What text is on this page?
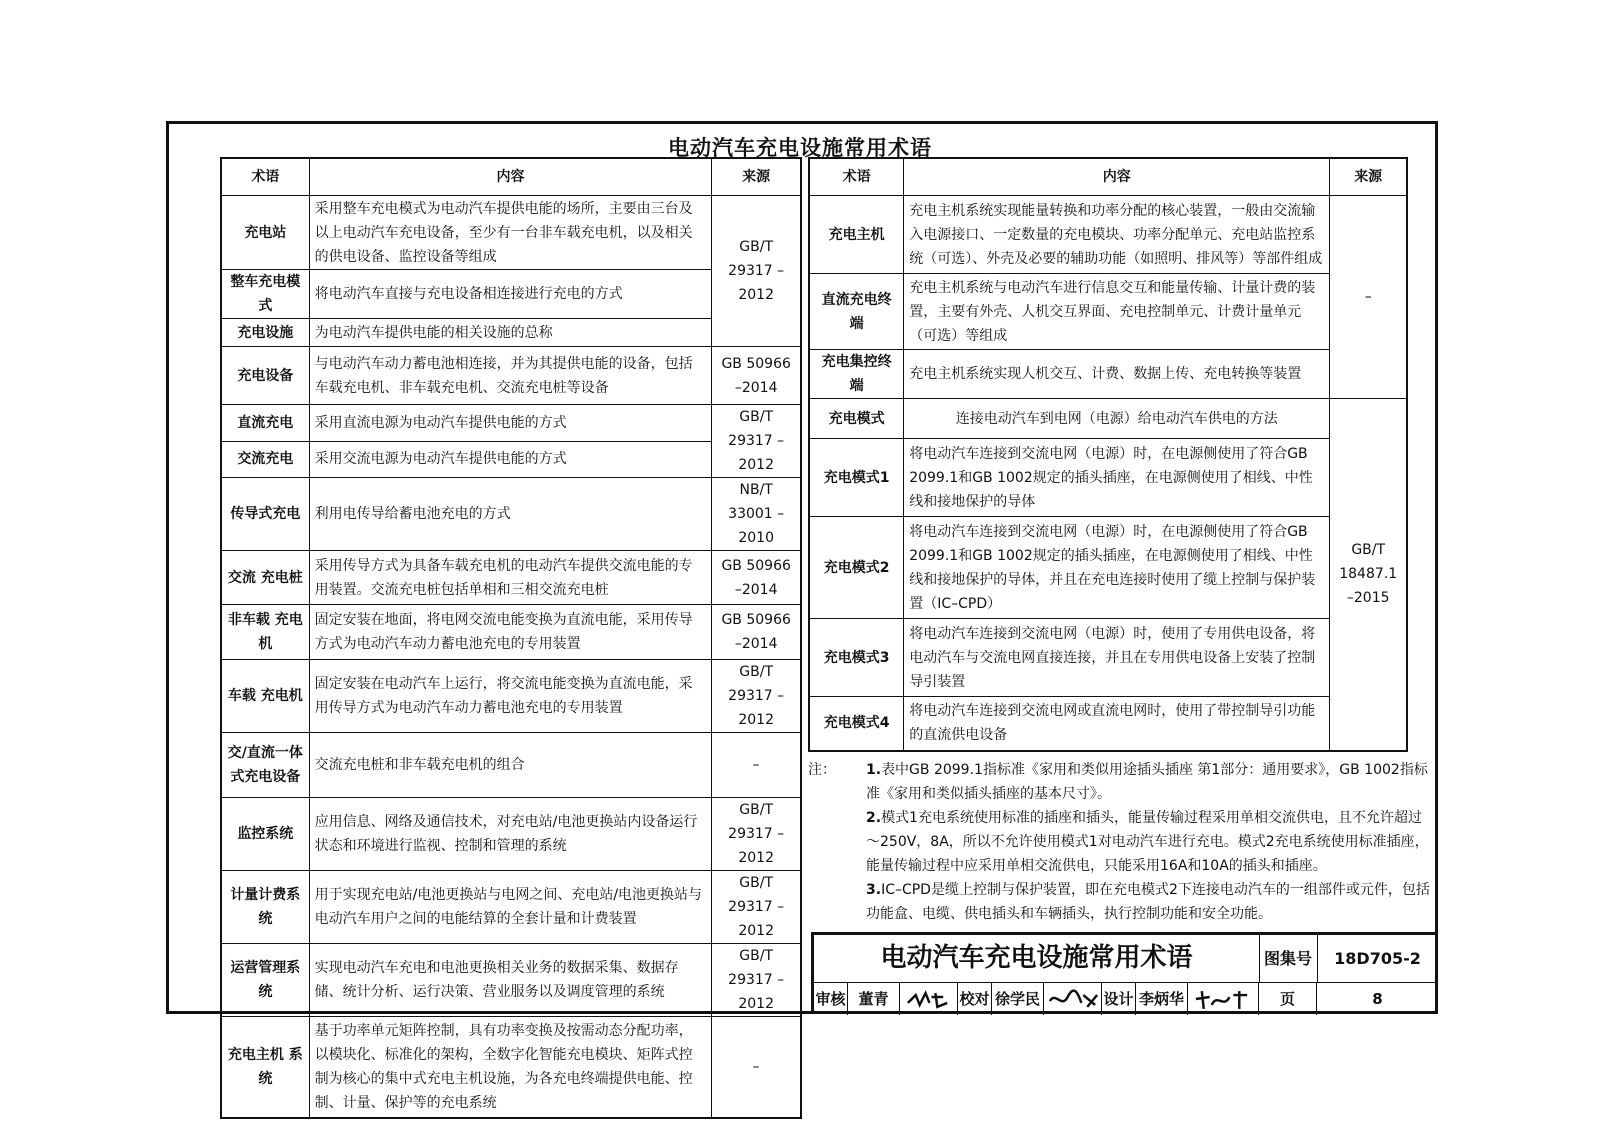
电动汽车充电设施常用术语
术语	内容	来源
充电站	采用整车充电模式为电动汽车提供电能的场所，主要由三台及以上电动汽车充电设备，至少有一台非车载充电机，以及相关的供电设备、监控设备等组成	GB/T 29317 –2012
整车充电模式	将电动汽车直接与充电设备相连接进行充电的方式	
充电设施	为电动汽车提供电能的相关设施的总称	
充电设备	与电动汽车动力蓄电池相连接，并为其提供电能的设备，包括车载充电机、非车载充电机、交流充电桩等设备	GB 50966 –2014
直流充电	采用直流电源为电动汽车提供电能的方式	GB/T 29317 –2012
交流充电	采用交流电源为电动汽车提供电能的方式	
传导式充电	利用电传导给蓄电池充电的方式	NB/T 33001 –2010
交流 充电桩	采用传导方式为具备车载充电机的电动汽车提供交流电能的专用装置。交流充电桩包括单相和三相交流充电桩	GB 50966 –2014
非车载 充电机	固定安装在地面，将电网交流电能变换为直流电能，采用传导方式为电动汽车动力蓄电池充电的专用装置	GB 50966 –2014
车载 充电机	固定安装在电动汽车上运行，将交流电能变换为直流电能，采用传导方式为电动汽车动力蓄电池充电的专用装置	GB/T 29317 –2012
交/直流一体式充电设备	交流充电桩和非车载充电机的组合	–
监控系统	应用信息、网络及通信技术，对充电站/电池更换站内设备运行状态和环境进行监视、控制和管理的系统	GB/T 29317 –2012
计量计费系统	用于实现充电站/电池更换站与电网之间、充电站/电池更换站与电动汽车用户之间的电能结算的全套计量和计费装置	GB/T 29317 –2012
运营管理系统	实现电动汽车充电和电池更换相关业务的数据采集、数据存储、统计分析、运行决策、营业服务以及调度管理的系统	GB/T 29317 –2012
充电主机 系统	基于功率单元矩阵控制，具有功率变换及按需动态分配功率，以模块化、标准化的架构，全数字化智能充电模块、矩阵式控制为核心的集中式充电主机设施，为各充电终端提供电能、控制、计量、保护等的充电系统	–
术语	内容	来源
充电主机	充电主机系统实现能量转换和功率分配的核心装置，一般由交流输入电源接口、一定数量的充电模块、功率分配单元、充电站监控系统（可选）、外壳及必要的辅助功能（如照明、排风等）等部件组成	–
直流充电终端	充电主机系统与电动汽车进行信息交互和能量传输、计量计费的装置，主要有外壳、人机交互界面、充电控制单元、计费计量单元（可选）等组成	
充电集控终端	充电主机系统实现人机交互、计费、数据上传、充电转换等装置	
充电模式	连接电动汽车到电网（电源）给电动汽车供电的方法	GB/T 18487.1 –2015
充电模式1	将电动汽车连接到交流电网（电源）时，在电源侧使用了符合GB 2099.1和GB 1002规定的插头插座，在电源侧使用了相线、中性线和接地保护的导体	
充电模式2	将电动汽车连接到交流电网（电源）时，在电源侧使用了符合GB 2099.1和GB 1002规定的插头插座，在电源侧使用了相线、中性线和接地保护的导体，并且在充电连接时使用了缆上控制与保护装置（IC–CPD）	
充电模式3	将电动汽车连接到交流电网（电源）时，使用了专用供电设备，将电动汽车与交流电网直接连接，并且在专用供电设备上安装了控制导引装置	
充电模式4	将电动汽车连接到交流电网或直流电网时，使用了带控制导引功能的直流供电设备	
注： 1.表中GB 2099.1指标准《家用和类似用途插头插座 第1部分：通用要求》，GB 1002指标准《家用和类似插头插座的基本尺寸》。
2.模式1充电系统使用标准的插座和插头，能量传输过程采用单相交流供电，且不允许超过～250V，8A，所以不允许使用模式1对电动汽车进行充电。模式2充电系统使用标准插座，能量传输过程中应采用单相交流供电，只能采用16A和10A的插头和插座。
3.IC–CPD是缆上控制与保护装置，即在充电模式2下连接电动汽车的一组部件或元件，包括功能盒、电缆、供电插头和车辆插头，执行控制功能和安全功能。
电动汽车充电设施常用术语	图集号	18D705-2
审核 董青	校对 徐学民	设计 李炳华	页	8
